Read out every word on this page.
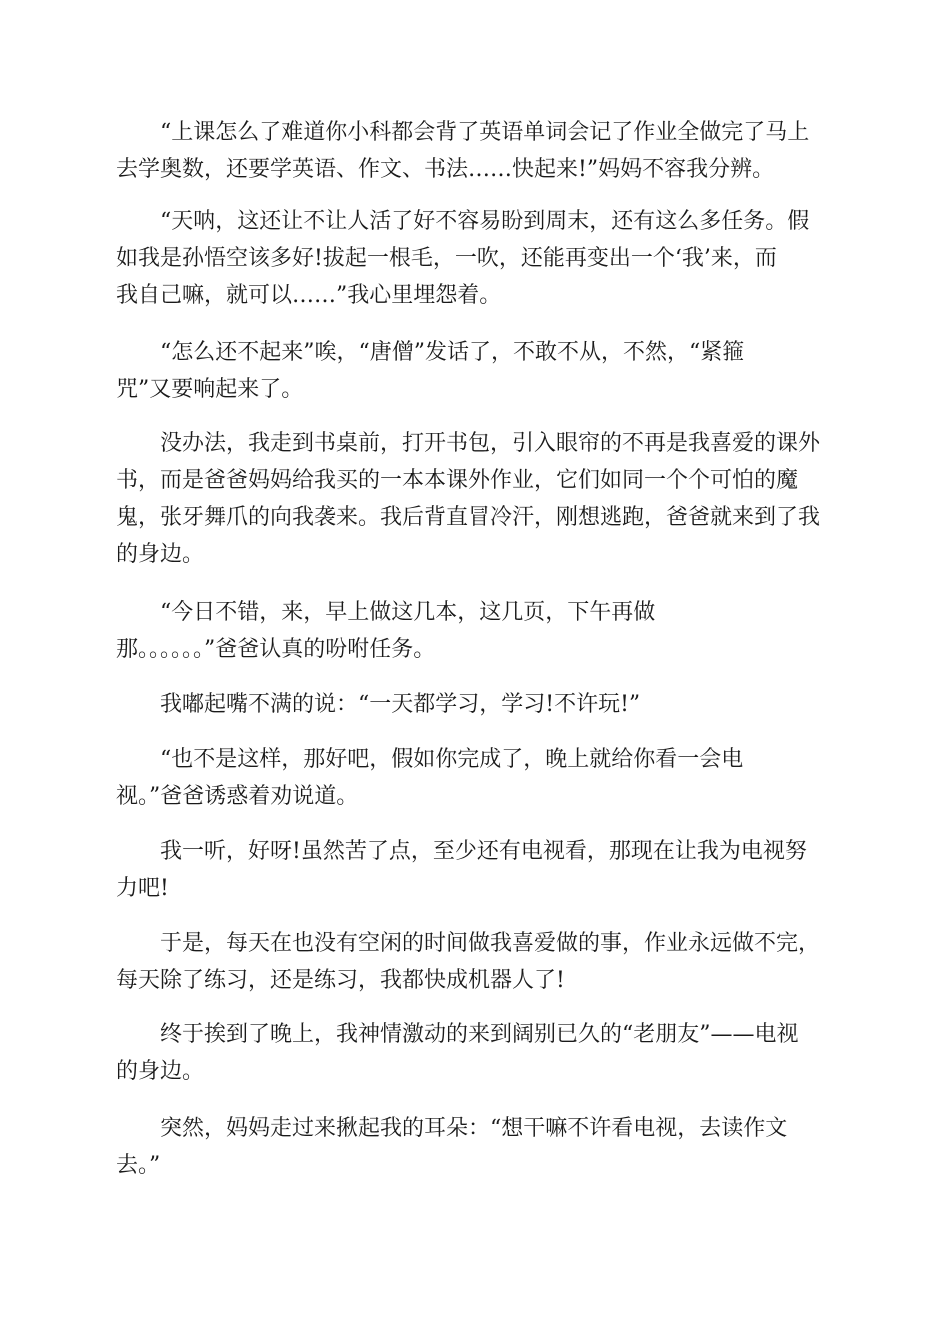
“上课怎么了难道你小科都会背了英语单词会记了作业全做完了马上
去学奥数，还要学英语、作文、书法……快起来!”妈妈不容我分辨。

“天呐，这还让不让人活了好不容易盼到周末，还有这么多任务。假
如我是孙悟空该多好!拔起一根毛，一吹，还能再变出一个‘我’来，而
我自己嘛，就可以……”我心里埋怨着。

“怎么还不起来”唉，“唐僧”发话了，不敢不从，不然，“紧箍
咒”又要响起来了。

没办法，我走到书桌前，打开书包，引入眼帘的不再是我喜爱的课外
书，而是爸爸妈妈给我买的一本本课外作业，它们如同一个个可怕的魔
鬼，张牙舞爪的向我袭来。我后背直冒冷汗，刚想逃跑，爸爸就来到了我
的身边。

“今日不错，来，早上做这几本，这几页，下午再做
那。。。。。。”爸爸认真的吩咐任务。

我嘟起嘴不满的说：“一天都学习，学习!不许玩!”

“也不是这样，那好吧，假如你完成了，晚上就给你看一会电
视。”爸爸诱惑着劝说道。

我一听，好呀!虽然苦了点，至少还有电视看，那现在让我为电视努
力吧!

于是，每天在也没有空闲的时间做我喜爱做的事，作业永远做不完，
每天除了练习，还是练习，我都快成机器人了!

终于挨到了晚上，我神情激动的来到阔别已久的“老朋友”——电视
的身边。

突然，妈妈走过来揪起我的耳朵：“想干嘛不许看电视，去读作文
去。”
